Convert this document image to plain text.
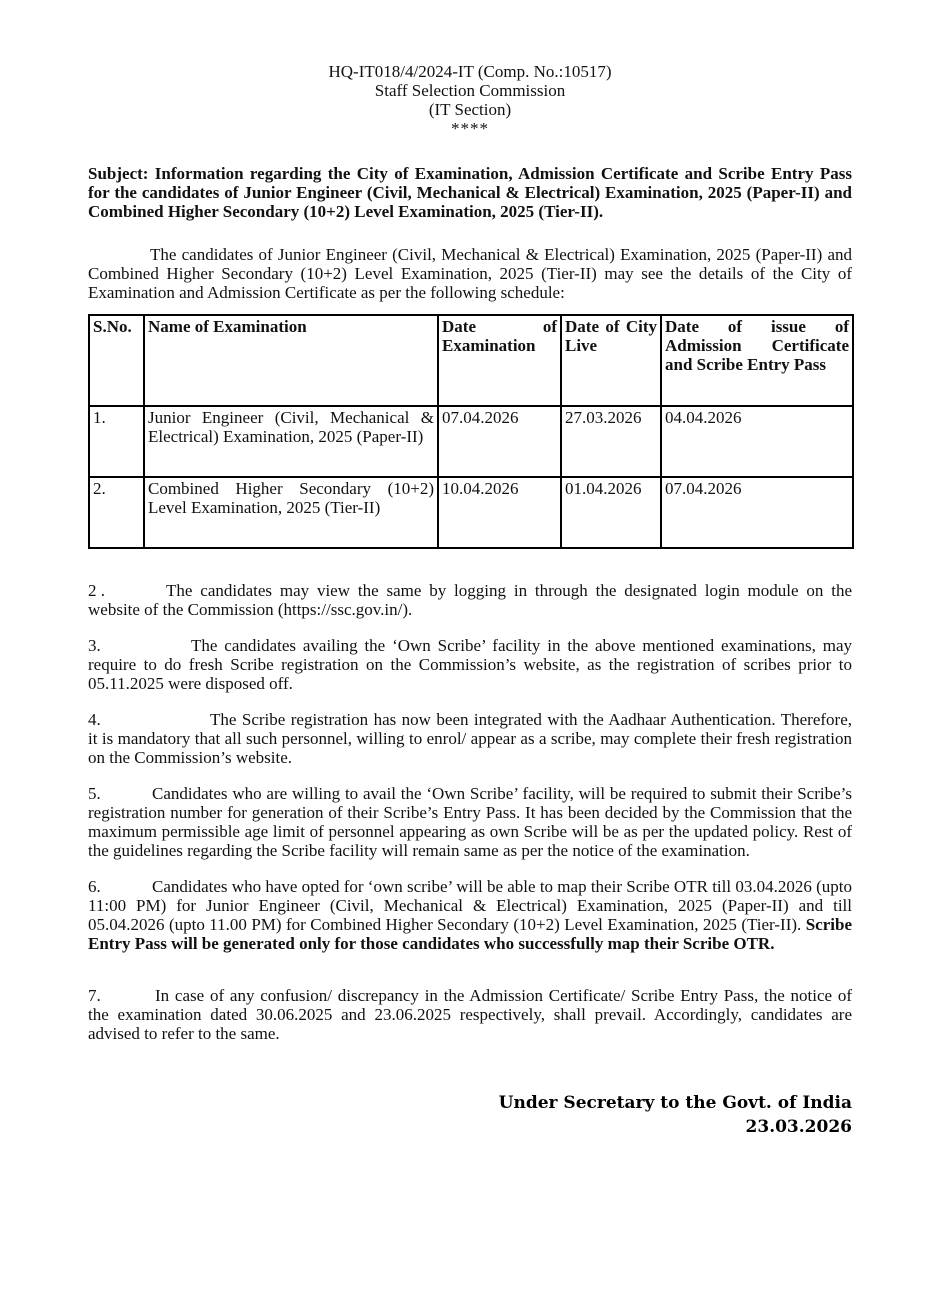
HQ-IT018/4/2024-IT (Comp. No.:10517)
Staff Selection Commission
(IT Section)
****

Subject: Information regarding the City of Examination, Admission Certificate and Scribe Entry Pass for the candidates of Junior Engineer (Civil, Mechanical & Electrical) Examination, 2025 (Paper-II) and Combined Higher Secondary (10+2) Level Examination, 2025 (Tier-II).

The candidates of Junior Engineer (Civil, Mechanical & Electrical) Examination, 2025 (Paper-II) and Combined Higher Secondary (10+2) Level Examination, 2025 (Tier-II) may see the details of the City of Examination and Admission Certificate as per the following schedule:

S.No.	Name of Examination	Date of Examination	Date of City Live	Date of issue of Admission Certificate and Scribe Entry Pass
1.	Junior Engineer (Civil, Mechanical & Electrical) Examination, 2025 (Paper-II)	07.04.2026	27.03.2026	04.04.2026
2.	Combined Higher Secondary (10+2) Level Examination, 2025 (Tier-II)	10.04.2026	01.04.2026	07.04.2026

2 .	The candidates may view the same by logging in through the designated login module on the website of the Commission (https://ssc.gov.in/).

3.	The candidates availing the ‘Own Scribe’ facility in the above mentioned examinations, may require to do fresh Scribe registration on the Commission’s website, as the registration of scribes prior to 05.11.2025 were disposed off.

4.	The Scribe registration has now been integrated with the Aadhaar Authentication. Therefore, it is mandatory that all such personnel, willing to enrol/ appear as a scribe, may complete their fresh registration on the Commission’s website.

5.	Candidates who are willing to avail the ‘Own Scribe’ facility, will be required to submit their Scribe’s registration number for generation of their Scribe’s Entry Pass. It has been decided by the Commission that the maximum permissible age limit of personnel appearing as own Scribe will be as per the updated policy. Rest of the guidelines regarding the Scribe facility will remain same as per the notice of the examination.

6.	Candidates who have opted for ‘own scribe’ will be able to map their Scribe OTR till 03.04.2026 (upto 11:00 PM) for Junior Engineer (Civil, Mechanical & Electrical) Examination, 2025 (Paper-II) and till 05.04.2026 (upto 11.00 PM) for Combined Higher Secondary (10+2) Level Examination, 2025 (Tier-II). Scribe Entry Pass will be generated only for those candidates who successfully map their Scribe OTR.

7.	In case of any confusion/ discrepancy in the Admission Certificate/ Scribe Entry Pass, the notice of the examination dated 30.06.2025 and 23.06.2025 respectively, shall prevail. Accordingly, candidates are advised to refer to the same.

Under Secretary to the Govt. of India
23.03.2026
